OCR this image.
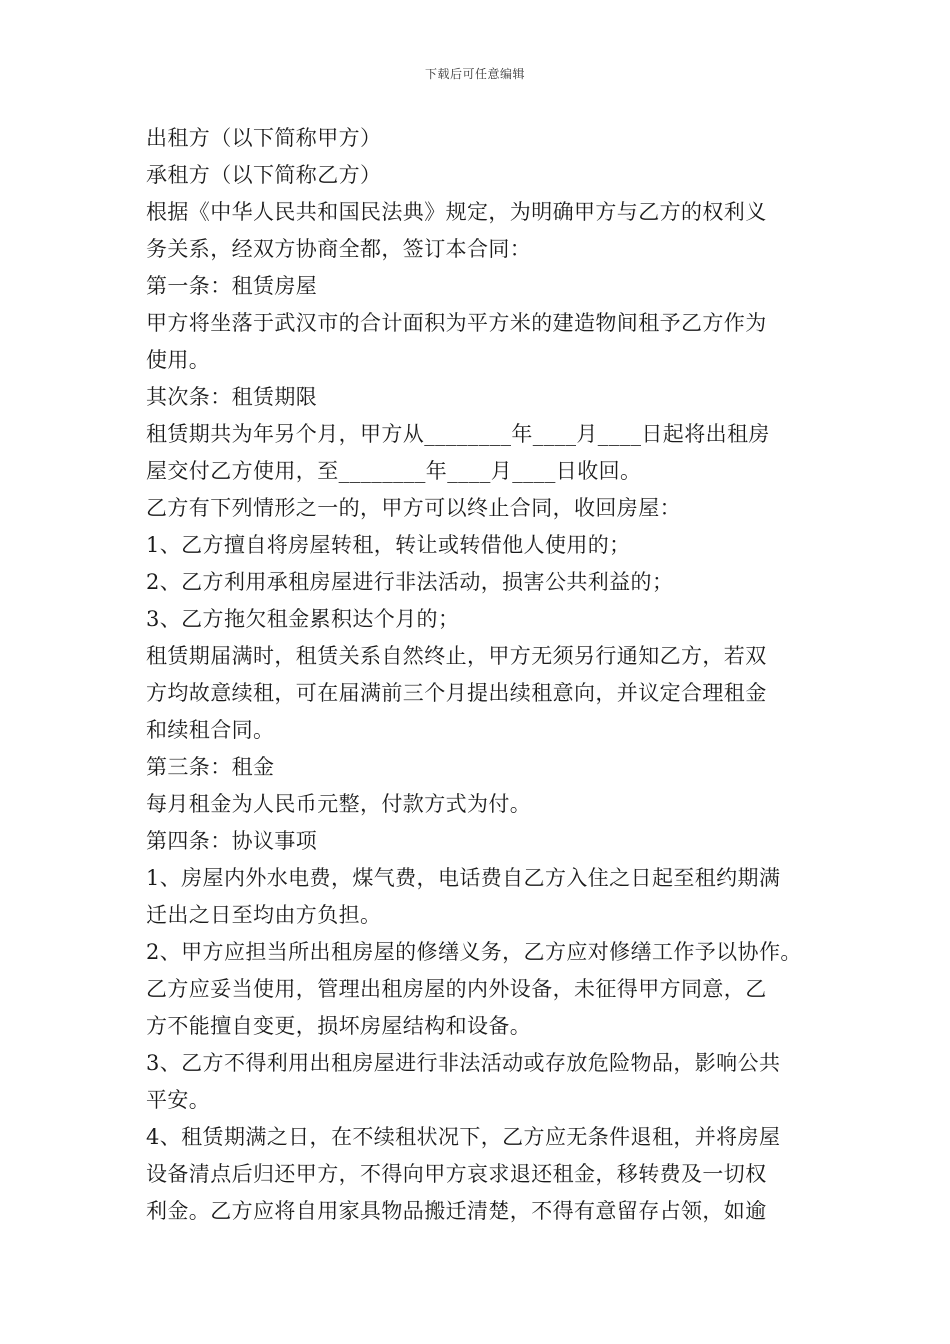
下载后可任意编辑
出租方（以下简称甲方）
承租方（以下简称乙方）
根据《中华人民共和国民法典》规定，为明确甲方与乙方的权利义
务关系，经双方协商全都，签订本合同：
第一条：租赁房屋
甲方将坐落于武汉市的合计面积为平方米的建造物间租予乙方作为
使用。
其次条：租赁期限
租赁期共为年另个月，甲方从________年____月____日起将出租房
屋交付乙方使用，至________年____月____日收回。
乙方有下列情形之一的，甲方可以终止合同，收回房屋：
1、乙方擅自将房屋转租，转让或转借他人使用的；
2、乙方利用承租房屋进行非法活动，损害公共利益的；
3、乙方拖欠租金累积达个月的；
租赁期届满时，租赁关系自然终止，甲方无须另行通知乙方，若双
方均故意续租，可在届满前三个月提出续租意向，并议定合理租金
和续租合同。
第三条：租金
每月租金为人民币元整，付款方式为付。
第四条：协议事项
1、房屋内外水电费，煤气费，电话费自乙方入住之日起至租约期满
迁出之日至均由方负担。
2、甲方应担当所出租房屋的修缮义务，乙方应对修缮工作予以协作。
乙方应妥当使用，管理出租房屋的内外设备，未征得甲方同意，乙
方不能擅自变更，损坏房屋结构和设备。
3、乙方不得利用出租房屋进行非法活动或存放危险物品，影响公共
平安。
4、租赁期满之日，在不续租状况下，乙方应无条件退租，并将房屋
设备清点后归还甲方，不得向甲方哀求退还租金，移转费及一切权
利金。乙方应将自用家具物品搬迁清楚，不得有意留存占领，如逾
